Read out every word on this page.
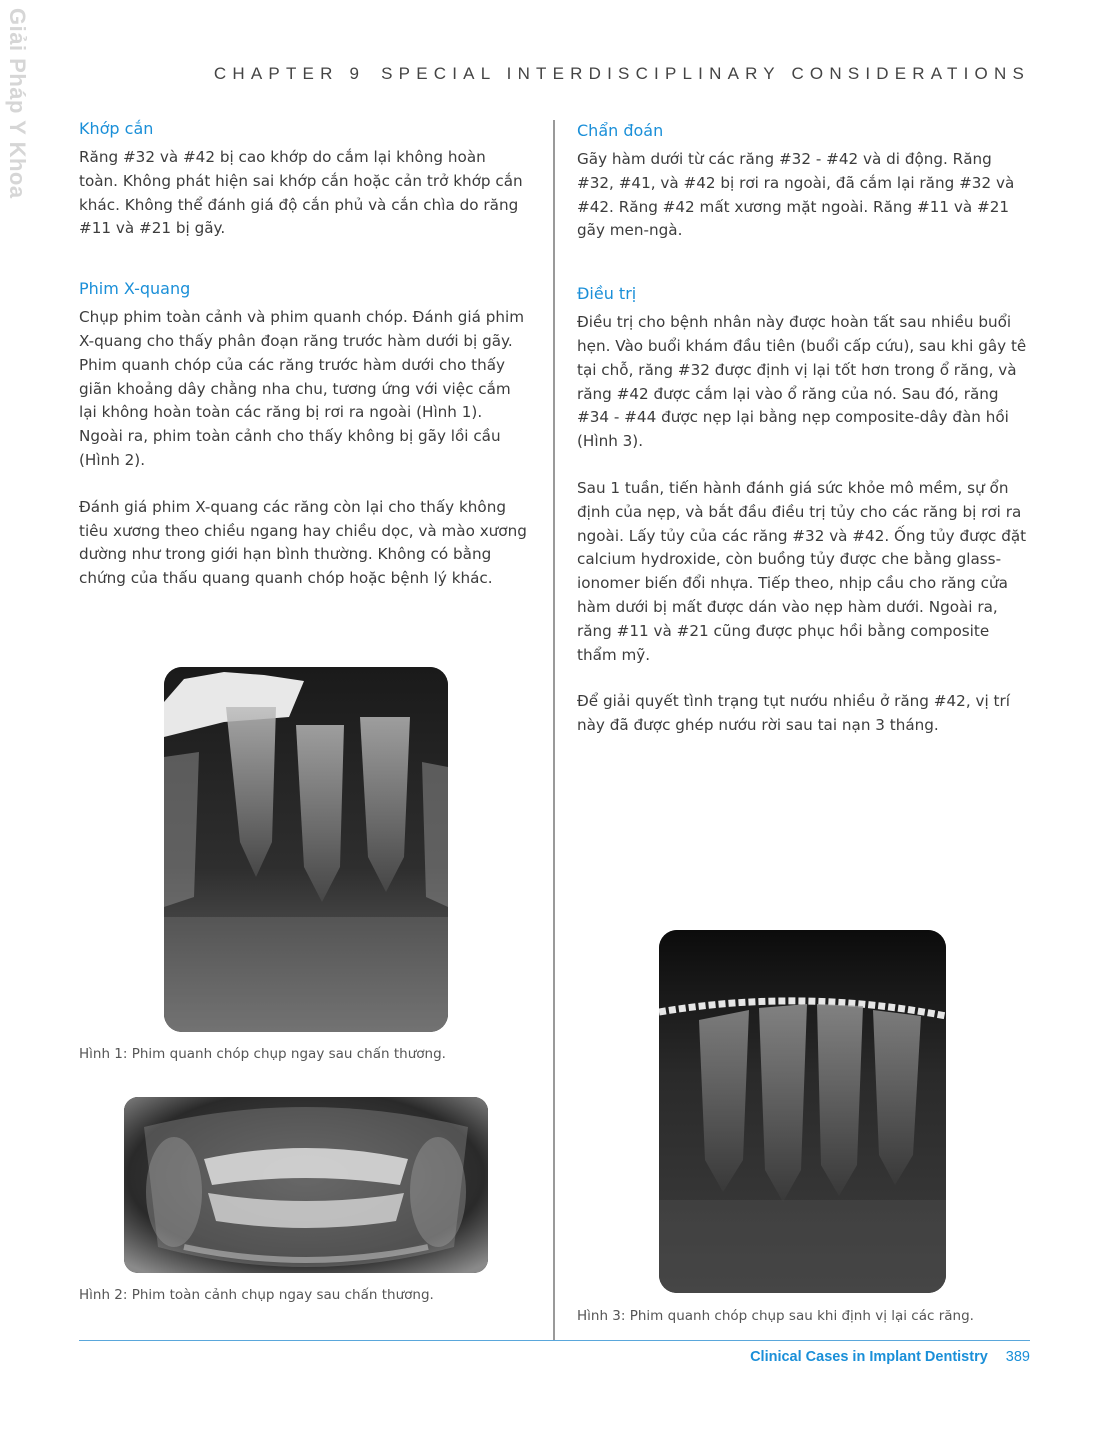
Giải Pháp Y Khoa	CHAPTER 9 SPECIAL INTERDISCIPLINARY CONSIDERATIONS
Khớp cắn

Răng #32 và #42 bị cao khớp do cắm lại không hoàn toàn. Không phát hiện sai khớp cắn hoặc cản trở khớp cắn khác. Không thể đánh giá độ cắn phủ và cắn chìa do răng #11 và #21 bị gãy.

Phim X-quang

Chụp phim toàn cảnh và phim quanh chóp. Đánh giá phim X-quang cho thấy phân đoạn răng trước hàm dưới bị gãy. Phim quanh chóp của các răng trước hàm dưới cho thấy giãn khoảng dây chằng nha chu, tương ứng với việc cắm lại không hoàn toàn các răng bị rơi ra ngoài (Hình 1). Ngoài ra, phim toàn cảnh cho thấy không bị gãy lồi cầu (Hình 2).

Đánh giá phim X-quang các răng còn lại cho thấy không tiêu xương theo chiều ngang hay chiều dọc, và mào xương dường như trong giới hạn bình thường. Không có bằng chứng của thấu quang quanh chóp hoặc bệnh lý khác.

Chẩn đoán

Gãy hàm dưới từ các răng #32 - #42 và di động. Răng #32, #41, và #42 bị rơi ra ngoài, đã cắm lại răng #32 và #42. Răng #42 mất xương mặt ngoài. Răng #11 và #21 gãy men-ngà.

Điều trị

Điều trị cho bệnh nhân này được hoàn tất sau nhiều buổi hẹn. Vào buổi khám đầu tiên (buổi cấp cứu), sau khi gây tê tại chỗ, răng #32 được định vị lại tốt hơn trong ổ răng, và răng #42 được cắm lại vào ổ răng của nó. Sau đó, răng #34 - #44 được nẹp lại bằng nẹp composite-dây đàn hồi (Hình 3).

Sau 1 tuần, tiến hành đánh giá sức khỏe mô mềm, sự ổn định của nẹp, và bắt đầu điều trị tủy cho các răng bị rơi ra ngoài. Lấy tủy của các răng #32 và #42. Ống tủy được đặt calcium hydroxide, còn buồng tủy được che bằng glass-ionomer biến đổi nhựa. Tiếp theo, nhịp cầu cho răng cửa hàm dưới bị mất được dán vào nẹp hàm dưới. Ngoài ra, răng #11 và #21 cũng được phục hồi bằng composite thẩm mỹ.

Để giải quyết tình trạng tụt nướu nhiều ở răng #42, vị trí này đã được ghép nướu rời sau tai nạn 3 tháng.

Hình 1: Phim quanh chóp chụp ngay sau chấn thương.
Hình 2: Phim toàn cảnh chụp ngay sau chấn thương.
Hình 3: Phim quanh chóp chụp sau khi định vị lại các răng.
Clinical Cases in Implant Dentistry 389
